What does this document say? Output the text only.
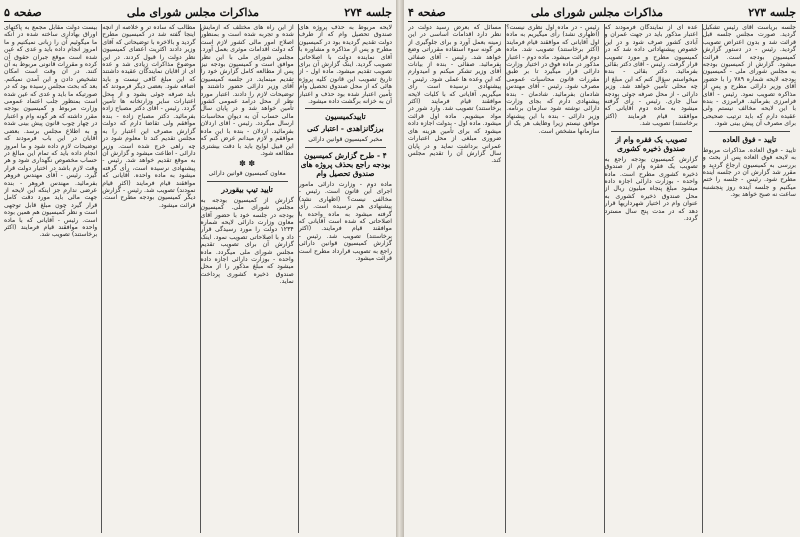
جلسه ۲۷۴
مذاکرات مجلس شورای ملی
صفحه ۵

لایحه مربوط به حذف پروژه های صندوق تحصیل وام که از طرف دولت تقدیم گردیده بود در کمیسیون مطرح و پس از مذاکره و مشاوره با آقای نماینده دولت با اصلاحاتی تصویب گردید. اینک گزارش آن برای تصویب تقدیم میشود. ماده اول - از تاریخ تصویب این قانون کلیه پروژه هائی که از محل صندوق تحصیل وام تأمین اعتبار شده بود حذف و اعتبار آن به خزانه برگشت داده میشود.

تاییدکمیسیون
برزگانزاهدی - اعتبار کنی
مخبر کمیسیون قوانین دارائی
۴ - طرح گزارش کمیسیون بودجه راجع بحذف پروژه های صندوق تحصیل وام

ماده دوم - وزارت دارائی مامور اجرای این قانون است. رئیس - مخالفی نیست؟ (اظهاری نشد) پیشنهادی هم نرسیده است. رأی گرفته میشود به ماده واحده با اصلاحاتی که شده است آقایانی که موافقند قیام فرمایند. (اکثر برخاستند) تصویب شد. رئیس - گزارش کمیسیون قوانین دارائی راجع به تصویب قرارداد مطرح است قرائت میشود.

از این راه های مختلف که آزمایش شده و تجربه شده است و بمنظور اصلاح امور مالی کشور لازم است که دولت اقدامات موثری بعمل آورد. مجلس شورای ملی با این نظر موافق است و کمیسیون بودجه نیز پس از مطالعه کامل گزارش خود را تقدیم مینماید. در جلسه کمیسیون آقای وزیر دارائی حضور داشتند و توضیحات لازم را دادند. اعتبار مورد نظر از محل درآمد عمومی کشور تأمین خواهد شد و در پایان سال مالی حساب آن به دیوان محاسبات ارسال میگردد. رئیس - آقای اردلان بفرمائید. اردلان - بنده با این ماده موافقم و لازم میدانم عرض کنم که این قبیل لوایح باید با دقت بیشتری مطالعه شود.

✽ ✽
معاون کمیسیون قوانین دارائی
تایید تیپ بیقوردر

گزارش از کمیسیون بودجه به مجلس شورای ملی. کمیسیون بودجه در جلسه خود با حضور آقای معاون وزارت دارائی لایحه شماره ۱۲۳۴ دولت را مورد رسیدگی قرار داد و با اصلاحاتی تصویب نمود. اینک گزارش آن برای تصویب تقدیم مجلس شورای ملی میگردد. ماده واحده - بوزارت دارائی اجازه داده میشود که مبلغ مذکور را از محل صندوق ذخیره کشوری پرداخت نماید.

مطالب که ساده تر و خلاصه از آنچه اینجا گفته شد در کمیسیون مطرح گردید و بالاخره با توضیحاتی که آقای وزیر دادند اکثریت اعضای کمیسیون نظر دولت را قبول کردند. در این موضوع مذاکرات زیادی شد و عده ای از آقایان نمایندگان عقیده داشتند که این مبلغ کافی نیست و باید اضافه شود. بعضی دیگر فرمودند که باید صرفه جوئی بشود و از محل اعتبارات سایر وزارتخانه ها تأمین گردد. رئیس - آقای دکتر مصباح زاده بفرمائید. دکتر مصباح زاده - بنده موافقم ولی تقاضا دارم که دولت گزارش مصرف این اعتبار را به مجلس تقدیم کند تا معلوم شود در چه راهی خرج شده است. وزیر دارائی - اطاعت میشود و گزارش آن به موقع تقدیم خواهد شد. رئیس - پیشنهادی نرسیده است، رأی گرفته میشود به ماده واحده. آقایانی که موافقند قیام فرمایند (اکثر قیام نمودند) تصویب شد. رئیس - گزارش دیگر کمیسیون بودجه مطرح است. قرائت میشود.

بیست دولت مقابل مجمع به پاکتهای اوراق بهاداری ساخته شده در آنکه ما میگوئیم آن را زبانی نمیکنیم و ما امروز انجام داده باید و عدی که عین شده است موقع جبران حقوق آن کرده و مقررات قانونی مربوط به آن کنند. در آن وقت است امکان تشخیص دادن و این آمدن نمیکنم. بعد که بحث مجلس رسیده بود که در صورتیکه ما باید و عدی که عین شده است بمنظور جلب اعتماد عمومی وزارت مربوط و کمیسیون بودجه مقرر داشته که هر گونه وام و اعتبار در چهار چوب قانون پیش بینی شده و به اطلاع مجلس برسد. بعضی آقایان در این باب فرمودند که توضیحات لازم داده شود و ما امروز انجام داده باید که تمام این مبالغ در حساب مخصوص نگهداری شود و هر وقت لازم باشد در اختیار دولت قرار گیرد. رئیس - آقای مهندس فروهر بفرمائید. مهندس فروهر - بنده عرضی ندارم جز اینکه این لایحه از جهت مالی باید مورد دقت کامل قرار گیرد چون مبلغ قابل توجهی است و نظر کمیسیون هم همین بوده است. رئیس - آقایانی که با ماده واحده موافقند قیام فرمایند (اکثر برخاستند) تصویب شد.

جلسه ۲۷۳
مذاکرات مجلس شورای ملی
صفحه ۴

جلسه بریاست آقای رئیس تشکیل گردید. صورت مجلس جلسه قبل قرائت شد و بدون اعتراض تصویب گردید. رئیس - در دستور گزارش کمیسیون بودجه است. قرائت میشود. گزارش از کمیسیون بودجه به مجلس شورای ملی - کمیسیون بودجه لایحه شماره ۷۸۹ را با حضور آقای وزیر دارائی مطرح و پس از مذاکره تصویب نمود. رئیس - آقای فرامرزی بفرمائید. فرامرزی - بنده با این لایحه مخالف نیستم ولی عقیده دارم که باید ترتیب صحیحی برای مصرف آن پیش بینی شود.

تایید - فوق العاده

تایید - فوق العاده. مذاکرات مربوط به لایحه فوق العاده پس از بحث و بررسی به کمیسیون ارجاع گردید و مقرر شد گزارش آن در جلسه آینده مطرح شود. رئیس - جلسه را ختم میکنیم و جلسه آینده روز پنجشنبه ساعت نه صبح خواهد بود.

عده ای از نمایندگان فرمودند که اعتبار مذکور باید در جهت عمران و آبادی کشور صرف شود و در این خصوص پیشنهاداتی داده شد که در کمیسیون مطرح و مورد تصویب قرار گرفت. رئیس - آقای دکتر بقائی بفرمائید. دکتر بقائی - بنده میخواستم سؤال کنم که این مبلغ از چه محلی تأمین خواهد شد. وزیر دارائی - از محل صرفه جوئی بودجه سال جاری. رئیس - رأی گرفته میشود به ماده دوم آقایانی که موافقند قیام فرمایند (اکثر برخاستند) تصویب شد.

تصویب یک فقره وام از صندوق ذخیره کشوری

گزارش کمیسیون بودجه راجع به تصویب یک فقره وام از صندوق ذخیره کشوری مطرح است. ماده واحده - بوزارت دارائی اجازه داده میشود مبلغ پنجاه میلیون ریال از محل صندوق ذخیره کشوری به عنوان وام در اختیار شهرداریها قرار دهد که در مدت پنج سال مسترد گردد.

رئیس - در ماده اول نظری نیست؟ (اظهاری نشد) رأی میگیریم به ماده اول آقایانی که موافقند قیام فرمایند (اکثر برخاستند) تصویب شد. ماده دوم قرائت میشود. ماده دوم - اعتبار مذکور در ماده فوق در اختیار وزارت دارائی قرار میگیرد تا بر طبق مقررات قانون محاسبات عمومی مصرف شود. رئیس - آقای مهندس شادمان بفرمائید. شادمان - بنده پیشنهادی دارم که بجای وزارت دارائی نوشته شود سازمان برنامه. وزیر دارائی - بنده با این پیشنهاد موافق نیستم زیرا وظایف هر یک از سازمانها مشخص است.

مسائل که بعرض رسید دولت در نظر دارد اقدامات اساسی در این زمینه بعمل آورد و برای جلوگیری از هر گونه سوء استفاده مقرراتی وضع خواهد شد. رئیس - آقای صفائی بفرمائید. صفائی - بنده از بیانات آقای وزیر تشکر میکنم و امیدوارم که این وعده ها عملی شود. رئیس - پیشنهادی نرسیده است رأی میگیریم. آقایانی که با کلیات لایحه موافقند قیام فرمایند (اکثر برخاستند) تصویب شد. وارد شور در مواد میشویم. ماده اول قرائت میشود. ماده اول - بدولت اجازه داده میشود که برای تأمین هزینه های ضروری مبلغی از محل اعتبارات عمرانی برداشت نماید و در پایان سال گزارش آن را تقدیم مجلس کند.
